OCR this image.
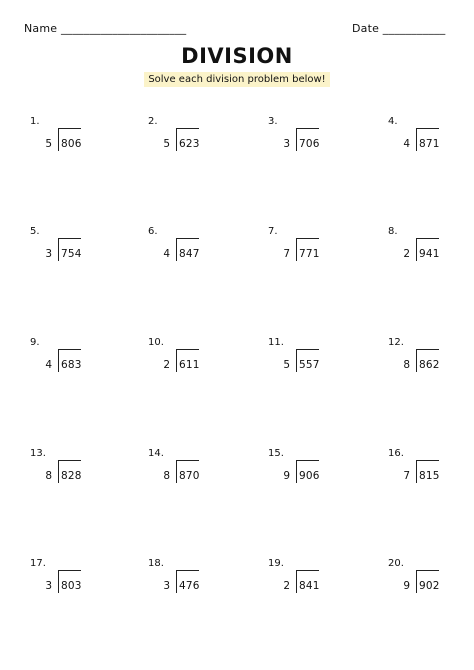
Name ______________________	Date ___________
DIVISION
Solve each division problem below!
1.
5 806
2.
5 623
3.
3 706
4.
4 871
5.
3 754
6.
4 847
7.
7 771
8.
2 941
9.
4 683
10.
2 611
11.
5 557
12.
8 862
13.
8 828
14.
8 870
15.
9 906
16.
7 815
17.
3 803
18.
3 476
19.
2 841
20.
9 902
